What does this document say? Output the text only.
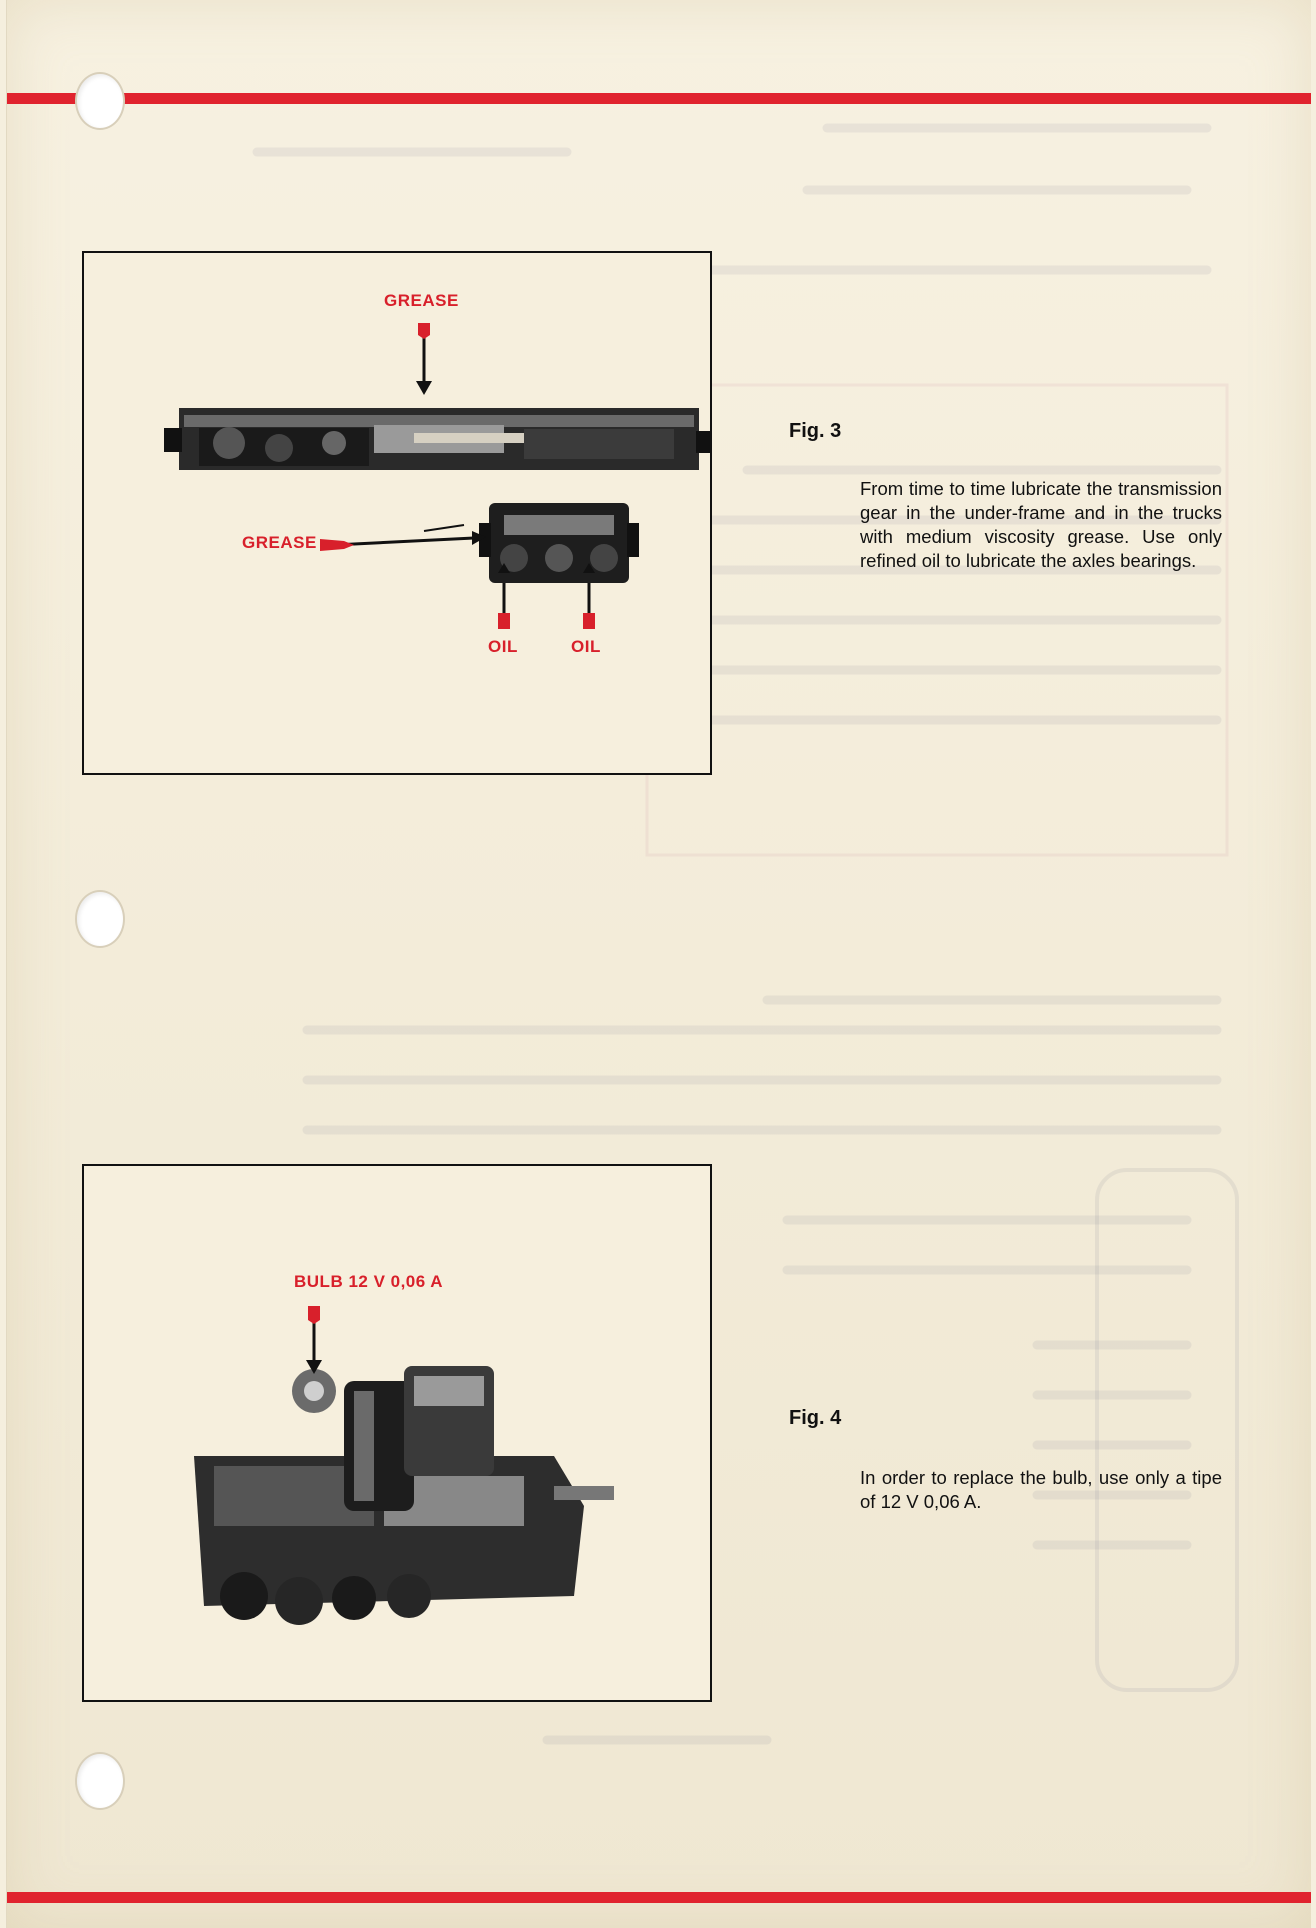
GREASE
GREASE
OIL	OIL
Fig. 3
From time to time lubricate the transmission gear in the under-frame and in the trucks with medium viscosity grease. Use only refined oil to lubricate the axles bearings.
BULB 12 V 0,06 A
Fig. 4
In order to replace the bulb, use only a tipe of 12 V 0,06 A.
